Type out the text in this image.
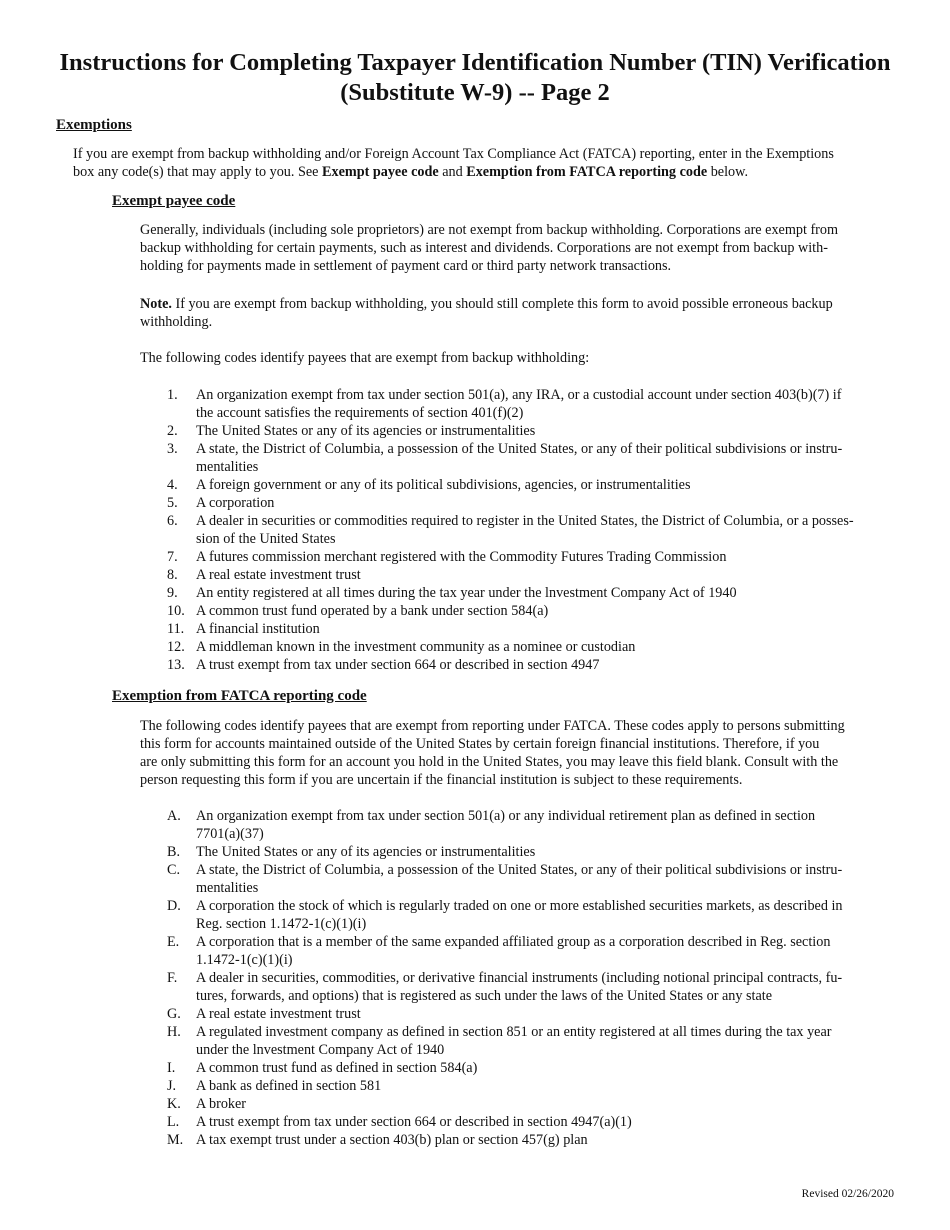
Instructions for Completing Taxpayer Identification Number (TIN) Verification
(Substitute W-9) -- Page 2
Exemptions
If you are exempt from backup withholding and/or Foreign Account Tax Compliance Act (FATCA) reporting, enter in the Exemptions
box any code(s) that may apply to you. See Exempt payee code and Exemption from FATCA reporting code below.
Exempt payee code
Generally, individuals (including sole proprietors) are not exempt from backup withholding. Corporations are exempt from
backup withholding for certain payments, such as interest and dividends. Corporations are not exempt from backup with-
holding for payments made in settlement of payment card or third party network transactions.
Note. If you are exempt from backup withholding, you should still complete this form to avoid possible erroneous backup
withholding.
The following codes identify payees that are exempt from backup withholding:
1. An organization exempt from tax under section 501(a), any IRA, or a custodial account under section 403(b)(7) if
the account satisfies the requirements of section 401(f)(2)
2. The United States or any of its agencies or instrumentalities
3. A state, the District of Columbia, a possession of the United States, or any of their political subdivisions or instru-
mentalities
4. A foreign government or any of its political subdivisions, agencies, or instrumentalities
5. A corporation
6. A dealer in securities or commodities required to register in the United States, the District of Columbia, or a posses-
sion of the United States
7. A futures commission merchant registered with the Commodity Futures Trading Commission
8. A real estate investment trust
9. An entity registered at all times during the tax year under the lnvestment Company Act of 1940
10. A common trust fund operated by a bank under section 584(a)
11. A financial institution
12. A middleman known in the investment community as a nominee or custodian
13. A trust exempt from tax under section 664 or described in section 4947
Exemption from FATCA reporting code
The following codes identify payees that are exempt from reporting under FATCA. These codes apply to persons submitting
this form for accounts maintained outside of the United States by certain foreign financial institutions. Therefore, if you
are only submitting this form for an account you hold in the United States, you may leave this field blank. Consult with the
person requesting this form if you are uncertain if the financial institution is subject to these requirements.
A. An organization exempt from tax under section 501(a) or any individual retirement plan as defined in section
7701(a)(37)
B. The United States or any of its agencies or instrumentalities
C. A state, the District of Columbia, a possession of the United States, or any of their political subdivisions or instru-
mentalities
D. A corporation the stock of which is regularly traded on one or more established securities markets, as described in
Reg. section 1.1472-1(c)(1)(i)
E. A corporation that is a member of the same expanded affiliated group as a corporation described in Reg. section
1.1472-1(c)(1)(i)
F. A dealer in securities, commodities, or derivative financial instruments (including notional principal contracts, fu-
tures, forwards, and options) that is registered as such under the laws of the United States or any state
G. A real estate investment trust
H. A regulated investment company as defined in section 851 or an entity registered at all times during the tax year
under the lnvestment Company Act of 1940
I. A common trust fund as defined in section 584(a)
J. A bank as defined in section 581
K. A broker
L. A trust exempt from tax under section 664 or described in section 4947(a)(1)
M. A tax exempt trust under a section 403(b) plan or section 457(g) plan
Revised 02/26/2020
